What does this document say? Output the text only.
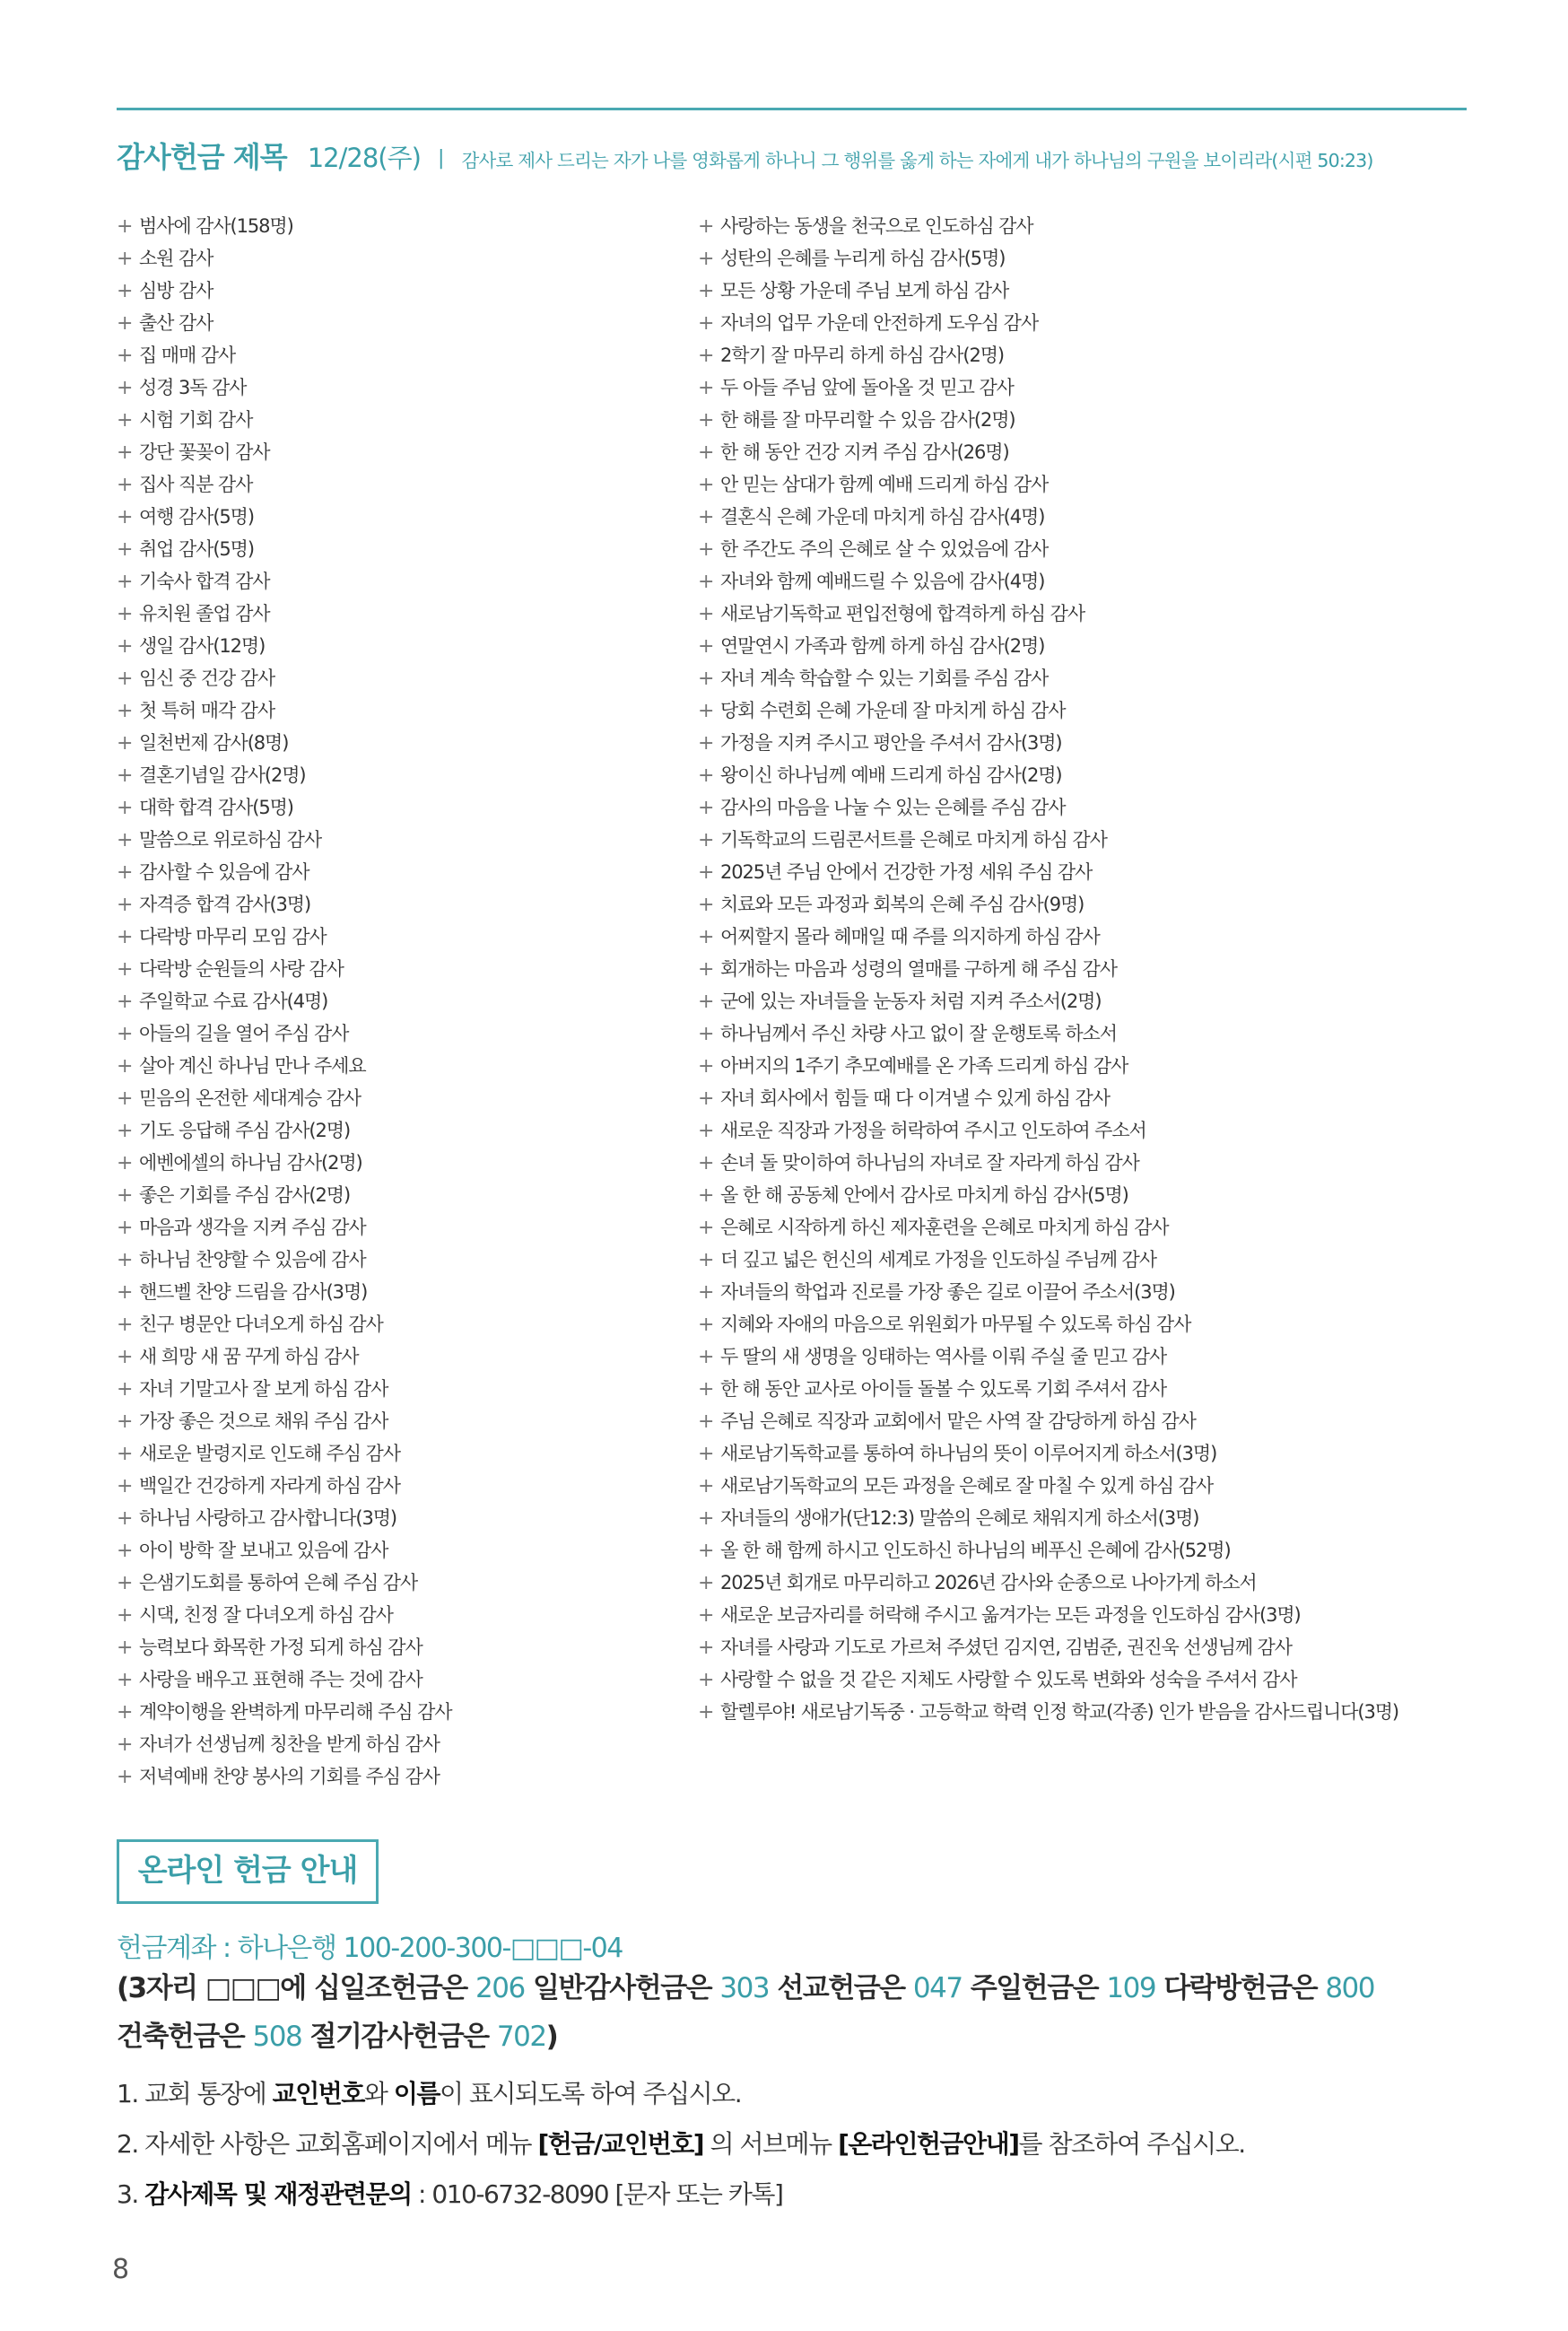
감사헌금 제목 12/28(주) | 감사로 제사 드리는 자가 나를 영화롭게 하나니 그 행위를 옳게 하는 자에게 내가 하나님의 구원을 보이리라(시편 50:23)
+ 범사에 감사(158명)
+ 소원 감사
+ 심방 감사
+ 출산 감사
+ 집 매매 감사
+ 성경 3독 감사
+ 시험 기회 감사
+ 강단 꽃꽂이 감사
+ 집사 직분 감사
+ 여행 감사(5명)
+ 취업 감사(5명)
+ 기숙사 합격 감사
+ 유치원 졸업 감사
+ 생일 감사(12명)
+ 임신 중 건강 감사
+ 첫 특허 매각 감사
+ 일천번제 감사(8명)
+ 결혼기념일 감사(2명)
+ 대학 합격 감사(5명)
+ 말씀으로 위로하심 감사
+ 감사할 수 있음에 감사
+ 자격증 합격 감사(3명)
+ 다락방 마무리 모임 감사
+ 다락방 순원들의 사랑 감사
+ 주일학교 수료 감사(4명)
+ 아들의 길을 열어 주심 감사
+ 살아 계신 하나님 만나 주세요
+ 믿음의 온전한 세대계승 감사
+ 기도 응답해 주심 감사(2명)
+ 에벤에셀의 하나님 감사(2명)
+ 좋은 기회를 주심 감사(2명)
+ 마음과 생각을 지켜 주심 감사
+ 하나님 찬양할 수 있음에 감사
+ 핸드벨 찬양 드림을 감사(3명)
+ 친구 병문안 다녀오게 하심 감사
+ 새 희망 새 꿈 꾸게 하심 감사
+ 자녀 기말고사 잘 보게 하심 감사
+ 가장 좋은 것으로 채워 주심 감사
+ 새로운 발령지로 인도해 주심 감사
+ 백일간 건강하게 자라게 하심 감사
+ 하나님 사랑하고 감사합니다(3명)
+ 아이 방학 잘 보내고 있음에 감사
+ 은샘기도회를 통하여 은혜 주심 감사
+ 시댁, 친정 잘 다녀오게 하심 감사
+ 능력보다 화목한 가정 되게 하심 감사
+ 사랑을 배우고 표현해 주는 것에 감사
+ 계약이행을 완벽하게 마무리해 주심 감사
+ 자녀가 선생님께 칭찬을 받게 하심 감사
+ 저녁예배 찬양 봉사의 기회를 주심 감사
+ 사랑하는 동생을 천국으로 인도하심 감사
+ 성탄의 은혜를 누리게 하심 감사(5명)
+ 모든 상황 가운데 주님 보게 하심 감사
+ 자녀의 업무 가운데 안전하게 도우심 감사
+ 2학기 잘 마무리 하게 하심 감사(2명)
+ 두 아들 주님 앞에 돌아올 것 믿고 감사
+ 한 해를 잘 마무리할 수 있음 감사(2명)
+ 한 해 동안 건강 지켜 주심 감사(26명)
+ 안 믿는 삼대가 함께 예배 드리게 하심 감사
+ 결혼식 은혜 가운데 마치게 하심 감사(4명)
+ 한 주간도 주의 은혜로 살 수 있었음에 감사
+ 자녀와 함께 예배드릴 수 있음에 감사(4명)
+ 새로남기독학교 편입전형에 합격하게 하심 감사
+ 연말연시 가족과 함께 하게 하심 감사(2명)
+ 자녀 계속 학습할 수 있는 기회를 주심 감사
+ 당회 수련회 은혜 가운데 잘 마치게 하심 감사
+ 가정을 지켜 주시고 평안을 주셔서 감사(3명)
+ 왕이신 하나님께 예배 드리게 하심 감사(2명)
+ 감사의 마음을 나눌 수 있는 은혜를 주심 감사
+ 기독학교의 드림콘서트를 은혜로 마치게 하심 감사
+ 2025년 주님 안에서 건강한 가정 세워 주심 감사
+ 치료와 모든 과정과 회복의 은혜 주심 감사(9명)
+ 어찌할지 몰라 헤매일 때 주를 의지하게 하심 감사
+ 회개하는 마음과 성령의 열매를 구하게 해 주심 감사
+ 군에 있는 자녀들을 눈동자 처럼 지켜 주소서(2명)
+ 하나님께서 주신 차량 사고 없이 잘 운행토록 하소서
+ 아버지의 1주기 추모예배를 온 가족 드리게 하심 감사
+ 자녀 회사에서 힘들 때 다 이겨낼 수 있게 하심 감사
+ 새로운 직장과 가정을 허락하여 주시고 인도하여 주소서
+ 손녀 돌 맞이하여 하나님의 자녀로 잘 자라게 하심 감사
+ 올 한 해 공동체 안에서 감사로 마치게 하심 감사(5명)
+ 은혜로 시작하게 하신 제자훈련을 은혜로 마치게 하심 감사
+ 더 깊고 넓은 헌신의 세계로 가정을 인도하실 주님께 감사
+ 자녀들의 학업과 진로를 가장 좋은 길로 이끌어 주소서(3명)
+ 지혜와 자애의 마음으로 위원회가 마무될 수 있도록 하심 감사
+ 두 딸의 새 생명을 잉태하는 역사를 이뤄 주실 줄 믿고 감사
+ 한 해 동안 교사로 아이들 돌볼 수 있도록 기회 주셔서 감사
+ 주님 은혜로 직장과 교회에서 맡은 사역 잘 감당하게 하심 감사
+ 새로남기독학교를 통하여 하나님의 뜻이 이루어지게 하소서(3명)
+ 새로남기독학교의 모든 과정을 은혜로 잘 마칠 수 있게 하심 감사
+ 자녀들의 생애가(단12:3) 말씀의 은혜로 채워지게 하소서(3명)
+ 올 한 해 함께 하시고 인도하신 하나님의 베푸신 은혜에 감사(52명)
+ 2025년 회개로 마무리하고 2026년 감사와 순종으로 나아가게 하소서
+ 새로운 보금자리를 허락해 주시고 옮겨가는 모든 과정을 인도하심 감사(3명)
+ 자녀를 사랑과 기도로 가르쳐 주셨던 김지연, 김범준, 권진욱 선생님께 감사
+ 사랑할 수 없을 것 같은 지체도 사랑할 수 있도록 변화와 성숙을 주셔서 감사
+ 할렐루야! 새로남기독중 · 고등학교 학력 인정 학교(각종) 인가 받음을 감사드립니다(3명)
온라인 헌금 안내
헌금계좌 : 하나은행 100-200-300-□□□-04
(3자리 □□□에 십일조헌금은 206 일반감사헌금은 303 선교헌금은 047 주일헌금은 109 다락방헌금은 800
건축헌금은 508 절기감사헌금은 702)
1. 교회 통장에 교인번호와 이름이 표시되도록 하여 주십시오.
2. 자세한 사항은 교회홈페이지에서 메뉴 [헌금/교인번호] 의 서브메뉴 [온라인헌금안내]를 참조하여 주십시오.
3. 감사제목 및 재정관련문의 : 010-6732-8090 [문자 또는 카톡]
8
